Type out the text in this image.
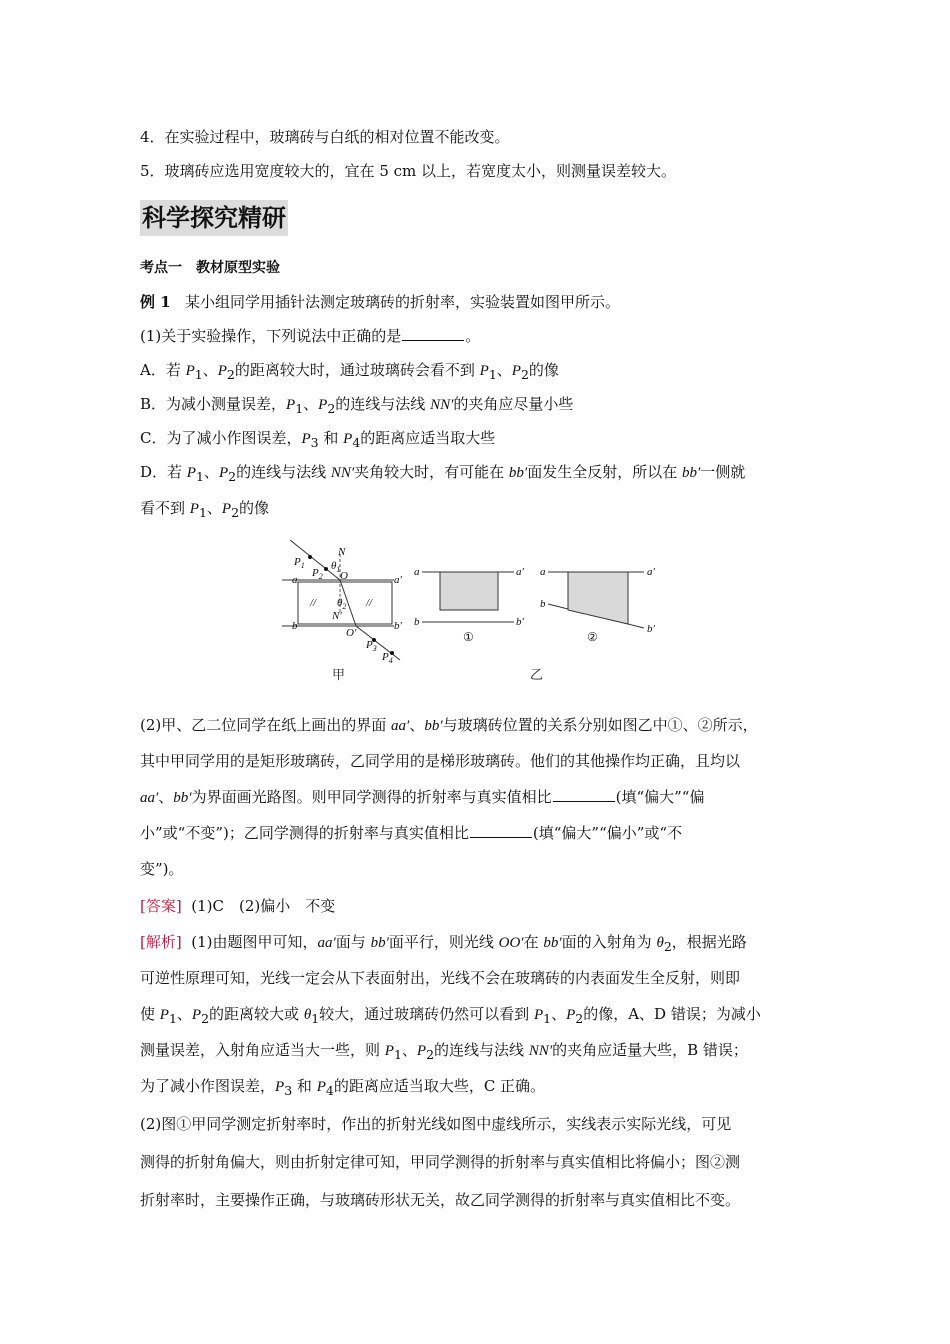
4．在实验过程中，玻璃砖与白纸的相对位置不能改变。
5．玻璃砖应选用宽度较大的，宜在 5 cm 以上，若宽度太小，则测量误差较大。
科学探究精研
考点一　教材原型实验
例 1 某小组同学用插针法测定玻璃砖的折射率，实验装置如图甲所示。
(1)关于实验操作，下列说法中正确的是	。
A．若 $P_1$、$P_2$的距离较大时，通过玻璃砖会看不到 $P_1$、$P_2$的像
B．为减小测量误差，$P_1$、$P_2$的连线与法线 NN′的夹角应尽量小些
C．为了减小作图误差，$P_3$ 和 $P_4$的距离应适当取大些
D．若 $P_1$、$P_2$的连线与法线 NN′夹角较大时，有可能在 bb′面发生全反射，所以在 bb′一侧就
看不到 $P_1$、$P_2$的像
//	//
$P_1$
$P_2$
N
$\theta_1$
O
$\theta_2$
N′
O′
$P_3$
$P_4$
a	a′
b	b′
a	a′
b	b′
①
a	a′
b
b′
②
甲	乙
(2)甲、乙二位同学在纸上画出的界面 aa′、bb′与玻璃砖位置的关系分别如图乙中①、②所示，
其中甲同学用的是矩形玻璃砖，乙同学用的是梯形玻璃砖。他们的其他操作均正确，且均以
aa′、bb′为界面画光路图。则甲同学测得的折射率与真实值相比	(填“偏大”“偏
小”或“不变”)；乙同学测得的折射率与真实值相比	(填“偏大”“偏小”或“不
变”)。
[答案] (1)C　(2)偏小　不变
[解析] (1)由题图甲可知，aa′面与 bb′面平行，则光线 OO′在 bb′面的入射角为 $\theta_2$，根据光路
可逆性原理可知，光线一定会从下表面射出，光线不会在玻璃砖的内表面发生全反射，则即
使 $P_1$、$P_2$的距离较大或 $\theta_1$较大，通过玻璃砖仍然可以看到 $P_1$、$P_2$的像，A、D 错误；为减小
测量误差，入射角应适当大一些，则 $P_1$、$P_2$的连线与法线 NN′的夹角应适量大些，B 错误；
为了减小作图误差，$P_3$ 和 $P_4$的距离应适当取大些，C 正确。
(2)图①甲同学测定折射率时，作出的折射光线如图中虚线所示，实线表示实际光线，可见
测得的折射角偏大，则由折射定律可知，甲同学测得的折射率与真实值相比将偏小；图②测
折射率时，主要操作正确，与玻璃砖形状无关，故乙同学测得的折射率与真实值相比不变。
